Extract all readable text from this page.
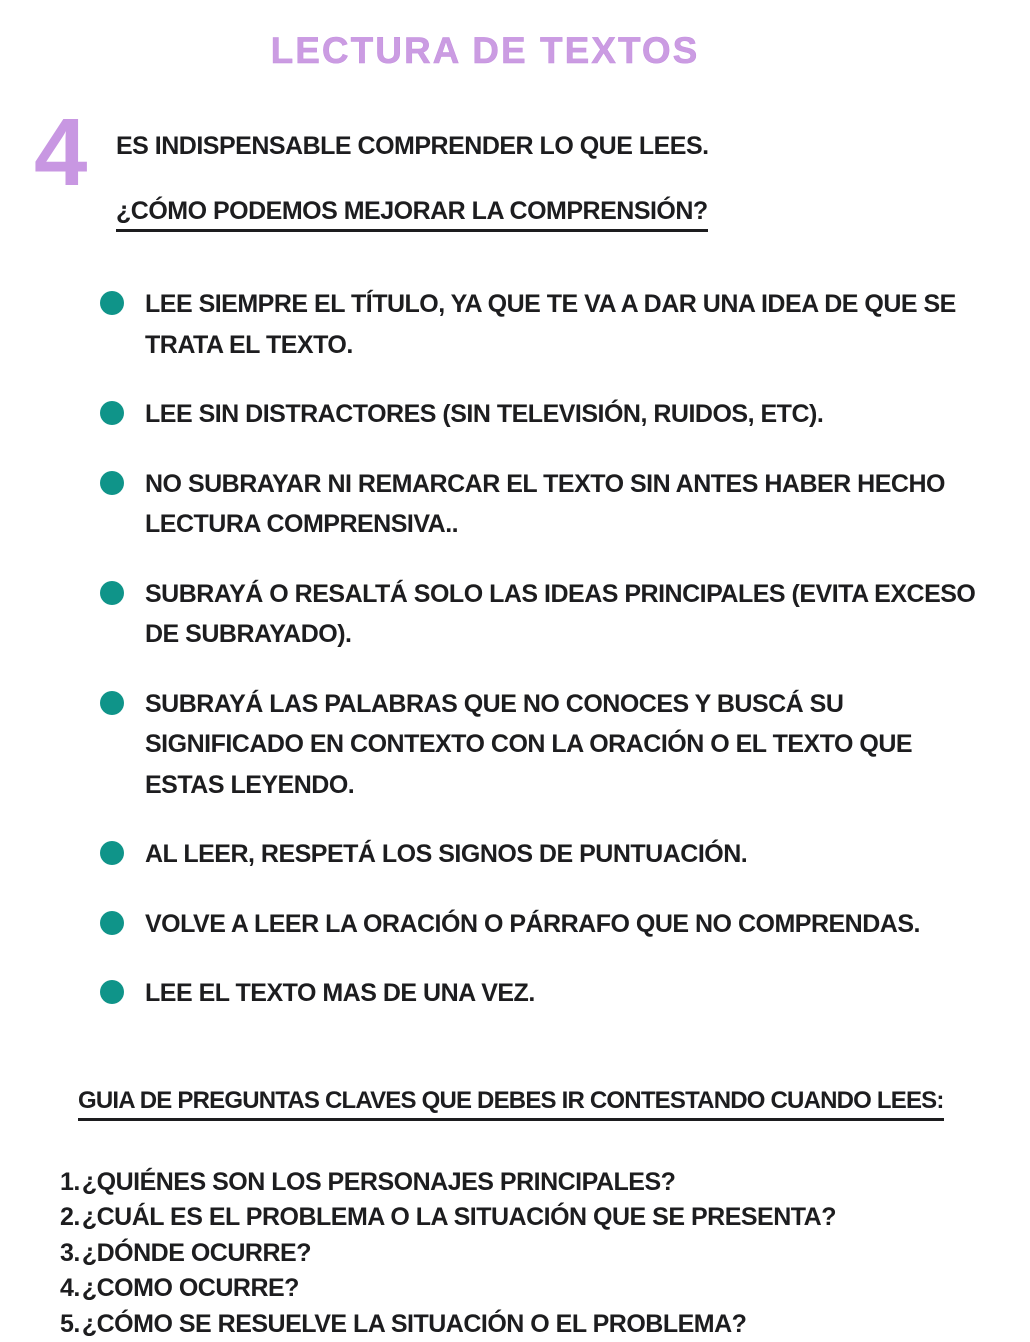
LECTURA DE TEXTOS
4	ES INDISPENSABLE COMPRENDER LO QUE LEES.

¿CÓMO PODEMOS MEJORAR LA COMPRENSIÓN?
LEE SIEMPRE EL TÍTULO, YA QUE TE VA A DAR UNA IDEA DE QUE SE TRATA EL TEXTO.
LEE SIN DISTRACTORES (SIN TELEVISIÓN, RUIDOS, ETC).
NO SUBRAYAR NI REMARCAR EL TEXTO SIN ANTES HABER HECHO LECTURA COMPRENSIVA..
SUBRAYÁ O RESALTÁ SOLO LAS IDEAS PRINCIPALES (EVITA EXCESO DE SUBRAYADO).
SUBRAYÁ LAS PALABRAS QUE NO CONOCES Y BUSCÁ SU SIGNIFICADO EN CONTEXTO CON LA ORACIÓN O EL TEXTO QUE ESTAS LEYENDO.
AL LEER, RESPETÁ LOS SIGNOS DE PUNTUACIÓN.
VOLVE A LEER LA ORACIÓN O PÁRRAFO QUE NO COMPRENDAS.
LEE EL TEXTO MAS DE UNA VEZ.
GUIA DE PREGUNTAS CLAVES QUE DEBES IR CONTESTANDO CUANDO LEES:
1.¿QUIÉNES SON LOS PERSONAJES PRINCIPALES?
2.¿CUÁL ES EL PROBLEMA O LA SITUACIÓN QUE SE PRESENTA?
3.¿DÓNDE OCURRE?
4.¿COMO OCURRE?
5.¿CÓMO SE RESUELVE LA SITUACIÓN O EL PROBLEMA?
